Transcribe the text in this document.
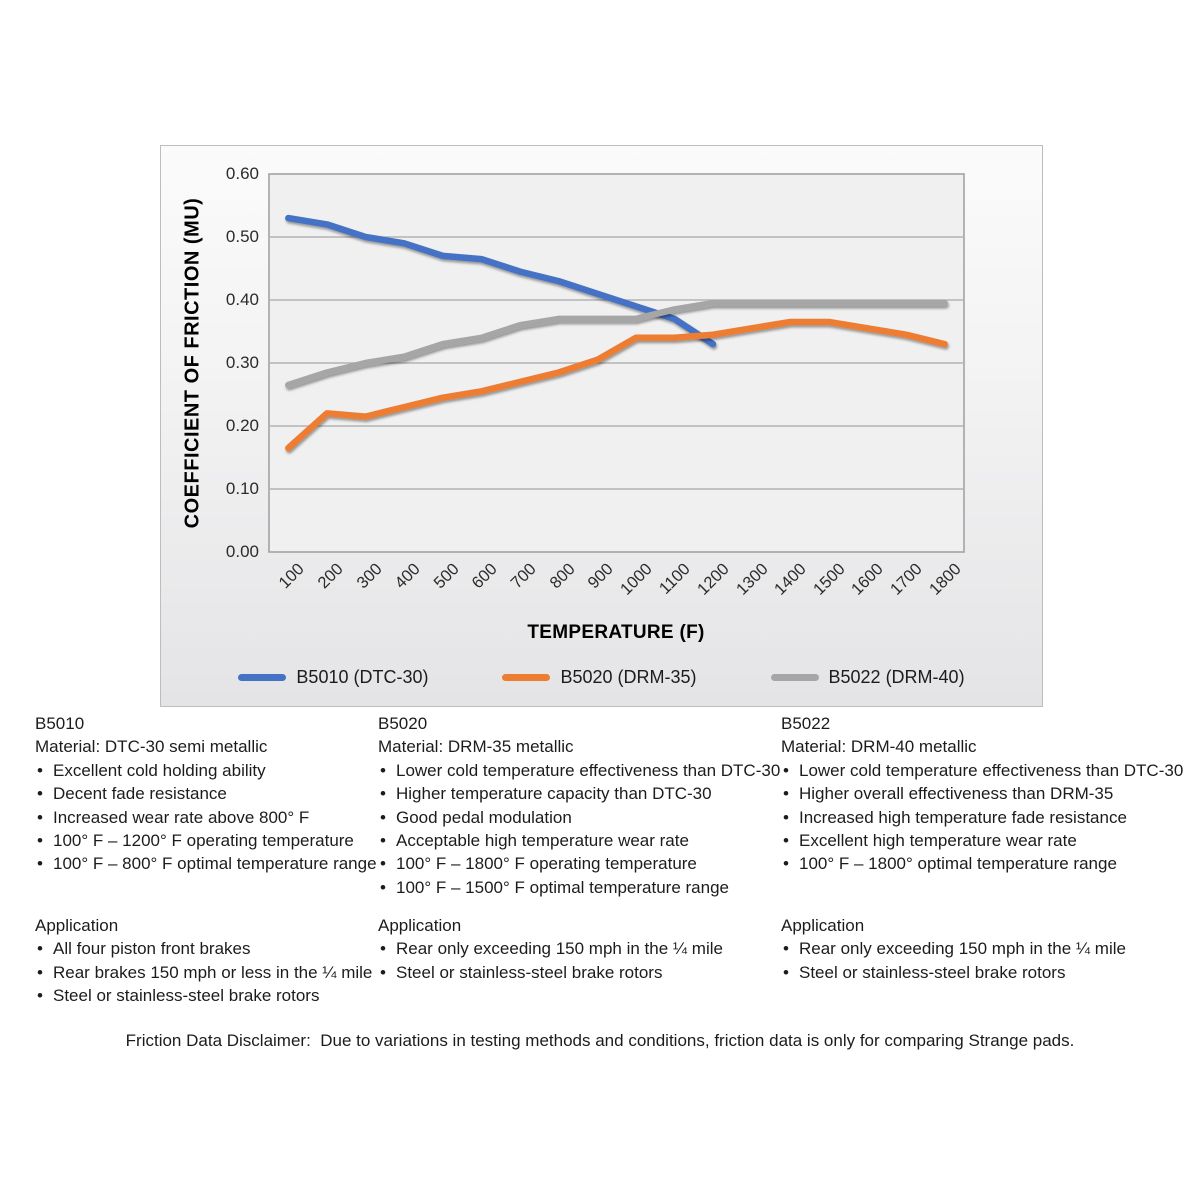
COEFFICIENT OF FRICTION (MU)
0.00
0.10
0.20
0.30
0.40
0.50
0.60
100 200 300 400 500 600 700 800 900 1000 1100 1200 1300 1400 1500 1600 1700 1800
TEMPERATURE (F)
B5010 (DTC-30)	B5020 (DRM-35)	B5022 (DRM-40)
B5010
Material: DTC-30 semi metallic
• Excellent cold holding ability
• Decent fade resistance
• Increased wear rate above 800° F
• 100° F – 1200° F operating temperature
• 100° F – 800° F optimal temperature range
B5020
Material: DRM-35 metallic
• Lower cold temperature effectiveness than DTC-30
• Higher temperature capacity than DTC-30
• Good pedal modulation
• Acceptable high temperature wear rate
• 100° F – 1800° F operating temperature
• 100° F – 1500° F optimal temperature range
B5022
Material: DRM-40 metallic
• Lower cold temperature effectiveness than DTC-30
• Higher overall effectiveness than DRM-35
• Increased high temperature fade resistance
• Excellent high temperature wear rate
• 100° F – 1800° optimal temperature range
Application
• All four piston front brakes
• Rear brakes 150 mph or less in the ¼ mile
• Steel or stainless-steel brake rotors
Application
• Rear only exceeding 150 mph in the ¼ mile
• Steel or stainless-steel brake rotors
Application
• Rear only exceeding 150 mph in the ¼ mile
• Steel or stainless-steel brake rotors
Friction Data Disclaimer:  Due to variations in testing methods and conditions, friction data is only for comparing Strange pads.
